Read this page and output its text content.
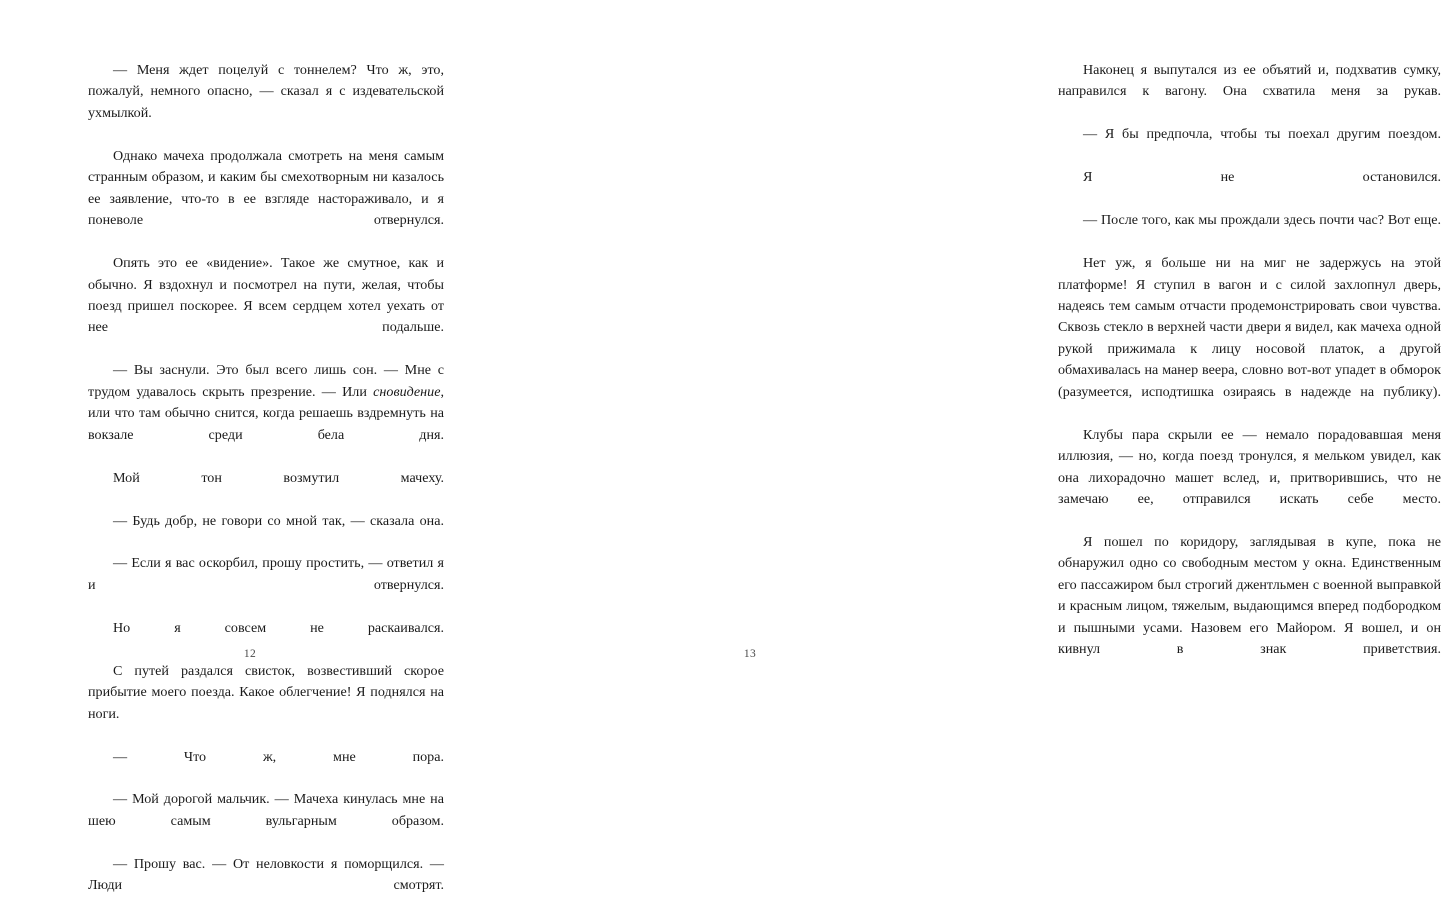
— Меня ждет поцелуй с тоннелем? Что ж, это, пожалуй, немного опасно, — сказал я с издевательской ухмылкой.

Однако мачеха продолжала смотреть на меня самым странным образом, и каким бы смехотворным ни казалось ее заявление, что-то в ее взгляде настораживало, и я поневоле отвернулся.

Опять это ее «видение». Такое же смутное, как и обычно. Я вздохнул и посмотрел на пути, желая, чтобы поезд пришел поскорее. Я всем сердцем хотел уехать от нее подальше.

— Вы заснули. Это был всего лишь сон. — Мне с трудом удавалось скрыть презрение. — Или сновидение, или что там обычно снится, когда решаешь вздремнуть на вокзале среди бела дня.

Мой тон возмутил мачеху.

— Будь добр, не говори со мной так, — сказала она.

— Если я вас оскорбил, прошу простить, — ответил я и отвернулся.

Но я совсем не раскаивался.

С путей раздался свисток, возвестивший скорое прибытие моего поезда. Какое облегчение! Я поднялся на ноги.

— Что ж, мне пора.

— Мой дорогой мальчик. — Мачеха кинулась мне на шею самым вульгарным образом.

— Прошу вас. — От неловкости я поморщился. — Люди смотрят.

12

Наконец я выпутался из ее объятий и, подхватив сумку, направился к вагону. Она схватила меня за рукав.

— Я бы предпочла, чтобы ты поехал другим поездом.

Я не остановился.

— После того, как мы прождали здесь почти час? Вот еще.

Нет уж, я больше ни на миг не задержусь на этой платформе! Я ступил в вагон и с силой захлопнул дверь, надеясь тем самым отчасти продемонстрировать свои чувства. Сквозь стекло в верхней части двери я видел, как мачеха одной рукой прижимала к лицу носовой платок, а другой обмахивалась на манер веера, словно вот-вот упадет в обморок (разумеется, исподтишка озираясь в надежде на публику).

Клубы пара скрыли ее — немало порадовавшая меня иллюзия, — но, когда поезд тронулся, я мельком увидел, как она лихорадочно машет вслед, и, притворившись, что не замечаю ее, отправился искать себе место.

Я пошел по коридору, заглядывая в купе, пока не обнаружил одно со свободным местом у окна. Единственным его пассажиром был строгий джентльмен с военной выправкой и красным лицом, тяжелым, выдающимся вперед подбородком и пышными усами. Назовем его Майором. Я вошел, и он кивнул в знак приветствия.

13
